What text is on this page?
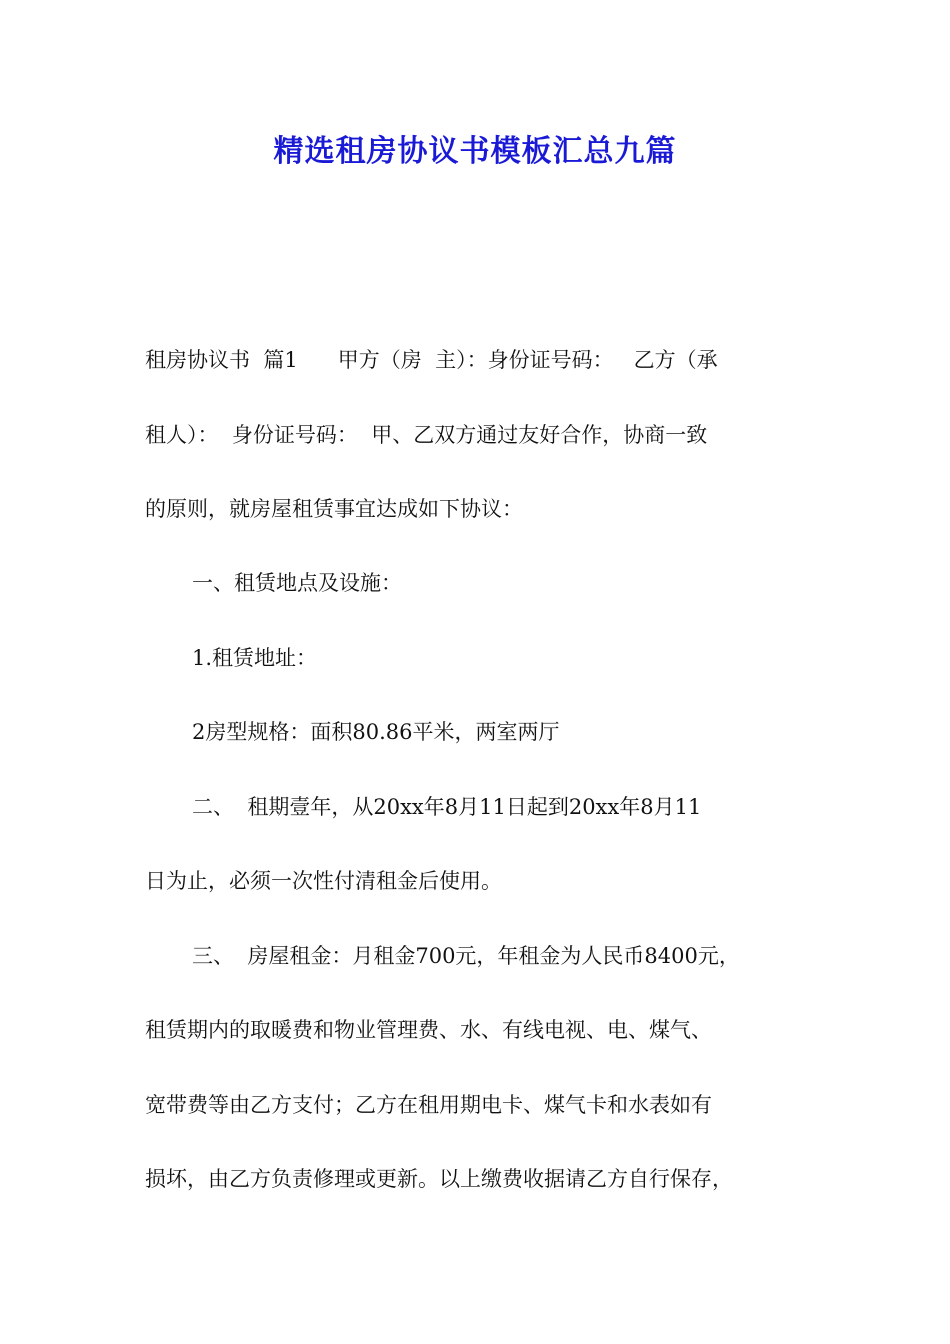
精选租房协议书模板汇总九篇

租房协议书  篇1      甲方（房  主）：身份证号码：   乙方（承

租人）：  身份证号码：  甲、乙双方通过友好合作，协商一致

的原则，就房屋租赁事宜达成如下协议：

一、租赁地点及设施：

1.租赁地址：

2房型规格：面积80.86平米，两室两厅

二、  租期壹年，从20xx年8月11日起到20xx年8月11

日为止，必须一次性付清租金后使用。

三、  房屋租金：月租金700元，年租金为人民币8400元，

租赁期内的取暖费和物业管理费、水、有线电视、电、煤气、

宽带费等由乙方支付；乙方在租用期电卡、煤气卡和水表如有

损坏，由乙方负责修理或更新。以上缴费收据请乙方自行保存，
